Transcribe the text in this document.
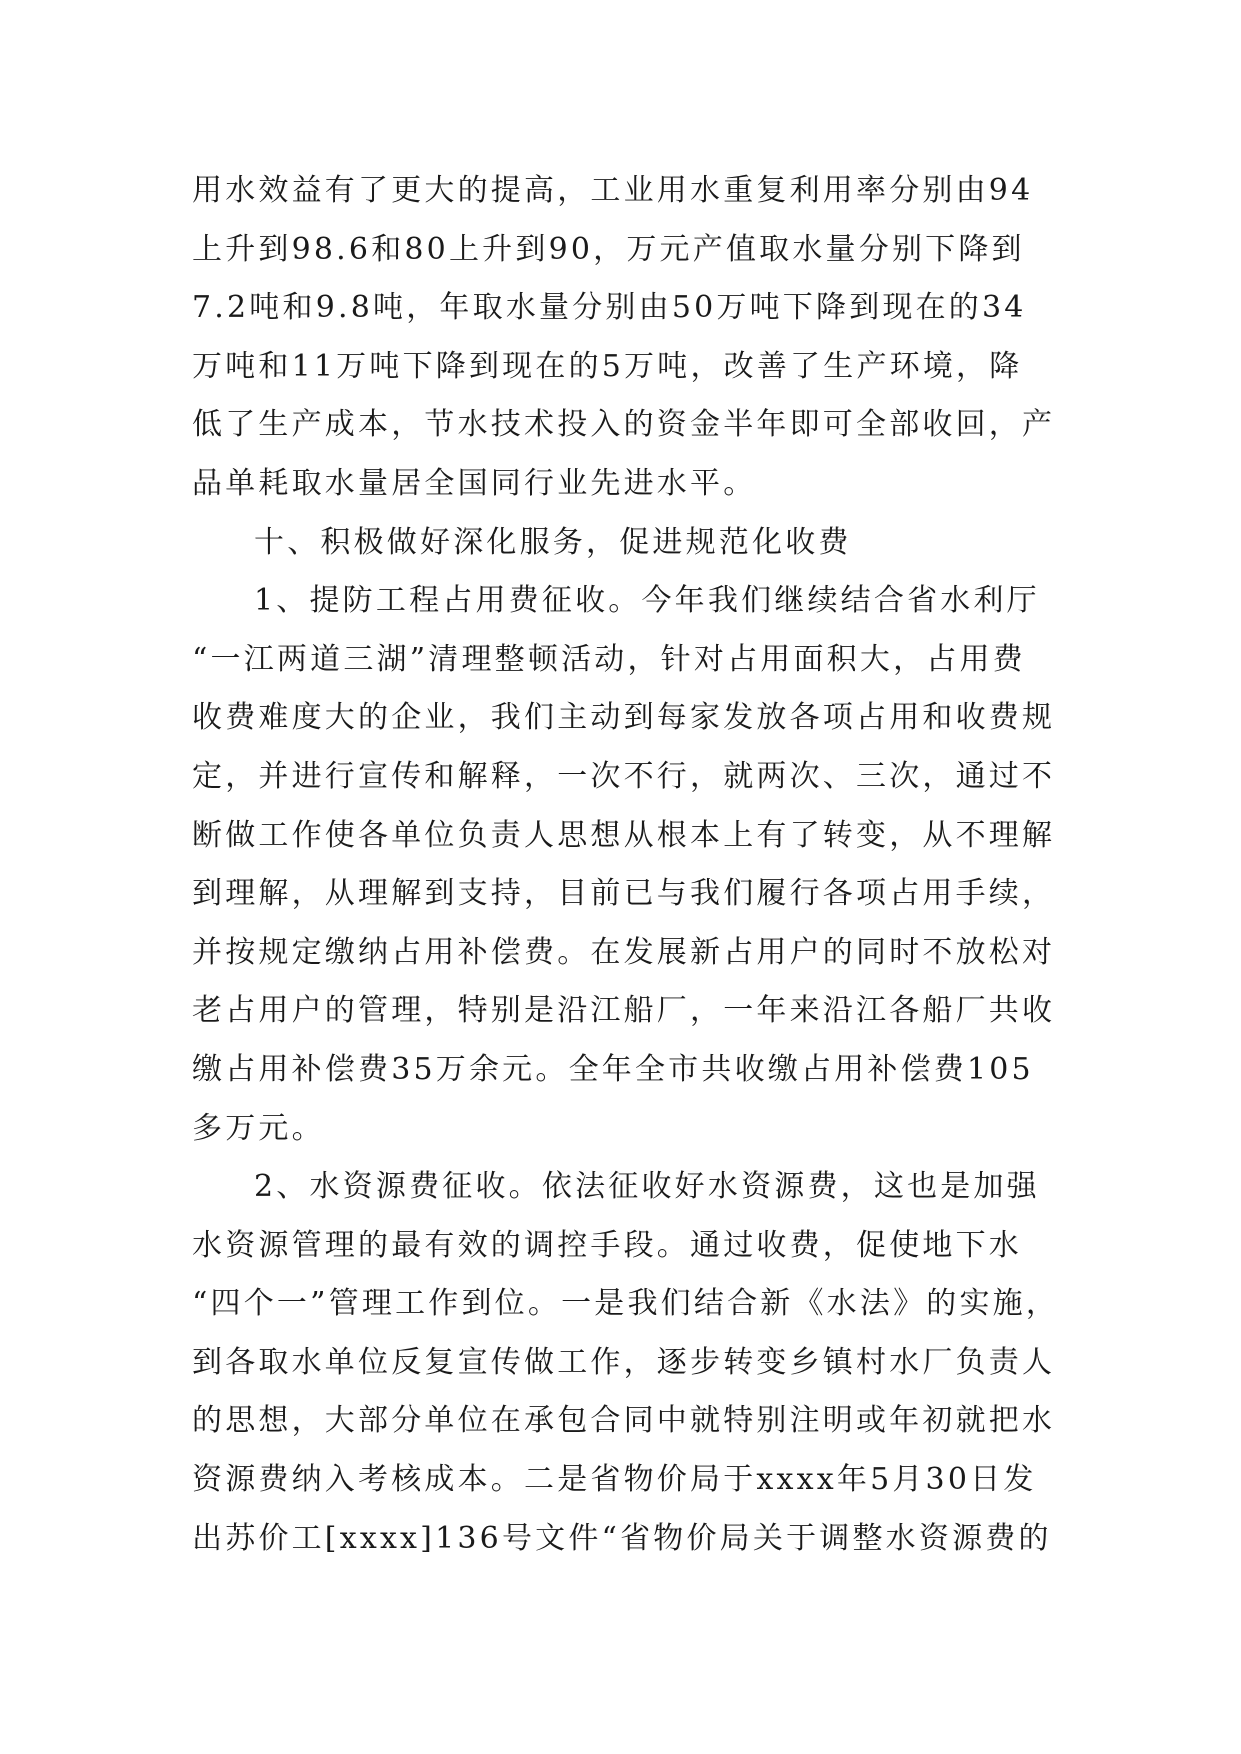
用水效益有了更大的提高，工业用水重复利用率分别由94
上升到98.6和80上升到90，万元产值取水量分别下降到
7.2吨和9.8吨，年取水量分别由50万吨下降到现在的34
万吨和11万吨下降到现在的5万吨，改善了生产环境，降
低了生产成本，节水技术投入的资金半年即可全部收回，产
品单耗取水量居全国同行业先进水平。
十、积极做好深化服务，促进规范化收费
1、提防工程占用费征收。今年我们继续结合省水利厅
“一江两道三湖”清理整顿活动，针对占用面积大，占用费
收费难度大的企业，我们主动到每家发放各项占用和收费规
定，并进行宣传和解释，一次不行，就两次、三次，通过不
断做工作使各单位负责人思想从根本上有了转变，从不理解
到理解，从理解到支持，目前已与我们履行各项占用手续，
并按规定缴纳占用补偿费。在发展新占用户的同时不放松对
老占用户的管理，特别是沿江船厂，一年来沿江各船厂共收
缴占用补偿费35万余元。全年全市共收缴占用补偿费105
多万元。
2、水资源费征收。依法征收好水资源费，这也是加强
水资源管理的最有效的调控手段。通过收费，促使地下水
“四个一”管理工作到位。一是我们结合新《水法》的实施，
到各取水单位反复宣传做工作，逐步转变乡镇村水厂负责人
的思想，大部分单位在承包合同中就特别注明或年初就把水
资源费纳入考核成本。二是省物价局于xxxx年5月30日发
出苏价工[xxxx]136号文件“省物价局关于调整水资源费的
